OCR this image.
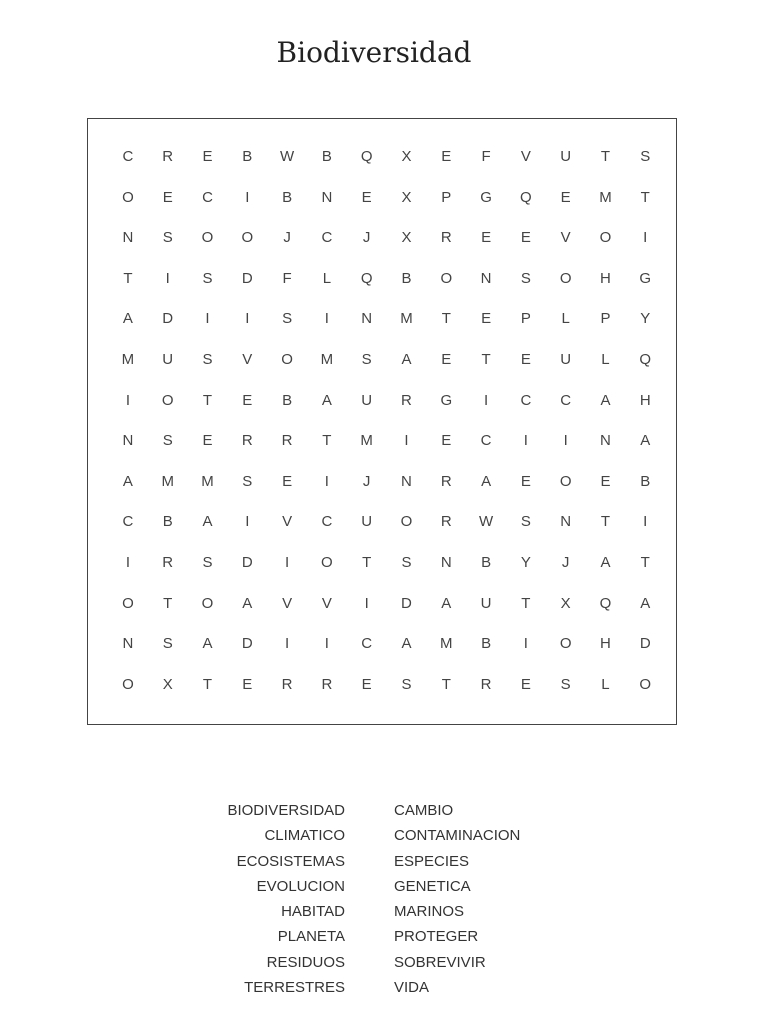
Biodiversidad
C	R	E	B	W	B	Q	X	E	F	V	U	T	S
O	E	C	I	B	N	E	X	P	G	Q	E	M	T
N	S	O	O	J	C	J	X	R	E	E	V	O	I
T	I	S	D	F	L	Q	B	O	N	S	O	H	G
A	D	I	I	S	I	N	M	T	E	P	L	P	Y
M	U	S	V	O	M	S	A	E	T	E	U	L	Q
I	O	T	E	B	A	U	R	G	I	C	C	A	H
N	S	E	R	R	T	M	I	E	C	I	I	N	A
A	M	M	S	E	I	J	N	R	A	E	O	E	B
C	B	A	I	V	C	U	O	R	W	S	N	T	I
I	R	S	D	I	O	T	S	N	B	Y	J	A	T
O	T	O	A	V	V	I	D	A	U	T	X	Q	A
N	S	A	D	I	I	C	A	M	B	I	O	H	D
O	X	T	E	R	R	E	S	T	R	E	S	L	O
BIODIVERSIDAD
CLIMATICO
ECOSISTEMAS
EVOLUCION
HABITAD
PLANETA
RESIDUOS
TERRESTRES
CAMBIO
CONTAMINACION
ESPECIES
GENETICA
MARINOS
PROTEGER
SOBREVIVIR
VIDA
